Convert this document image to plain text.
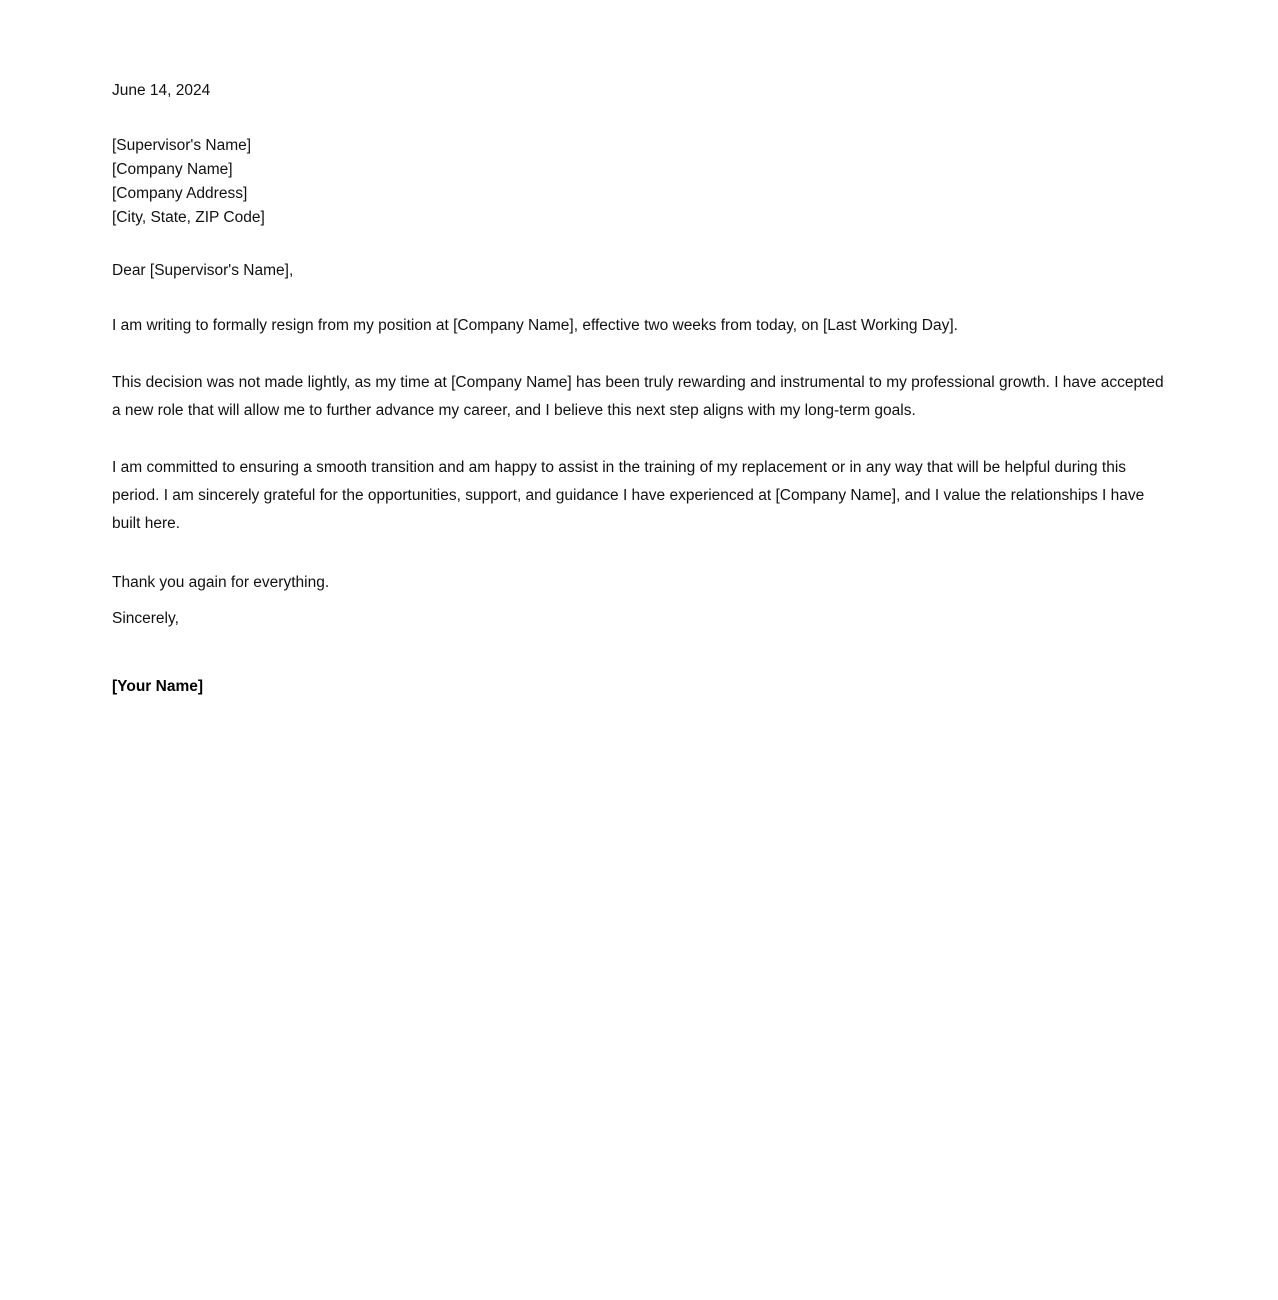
June 14, 2024
[Supervisor's Name]
[Company Name]
[Company Address]
[City, State, ZIP Code]
Dear [Supervisor's Name],
I am writing to formally resign from my position at [Company Name], effective two weeks from today, on [Last Working Day].
This decision was not made lightly, as my time at [Company Name] has been truly rewarding and instrumental to my professional growth. I have accepted a new role that will allow me to further advance my career, and I believe this next step aligns with my long-term goals.
I am committed to ensuring a smooth transition and am happy to assist in the training of my replacement or in any way that will be helpful during this period. I am sincerely grateful for the opportunities, support, and guidance I have experienced at [Company Name], and I value the relationships I have built here.
Thank you again for everything.
Sincerely,
[Your Name]
